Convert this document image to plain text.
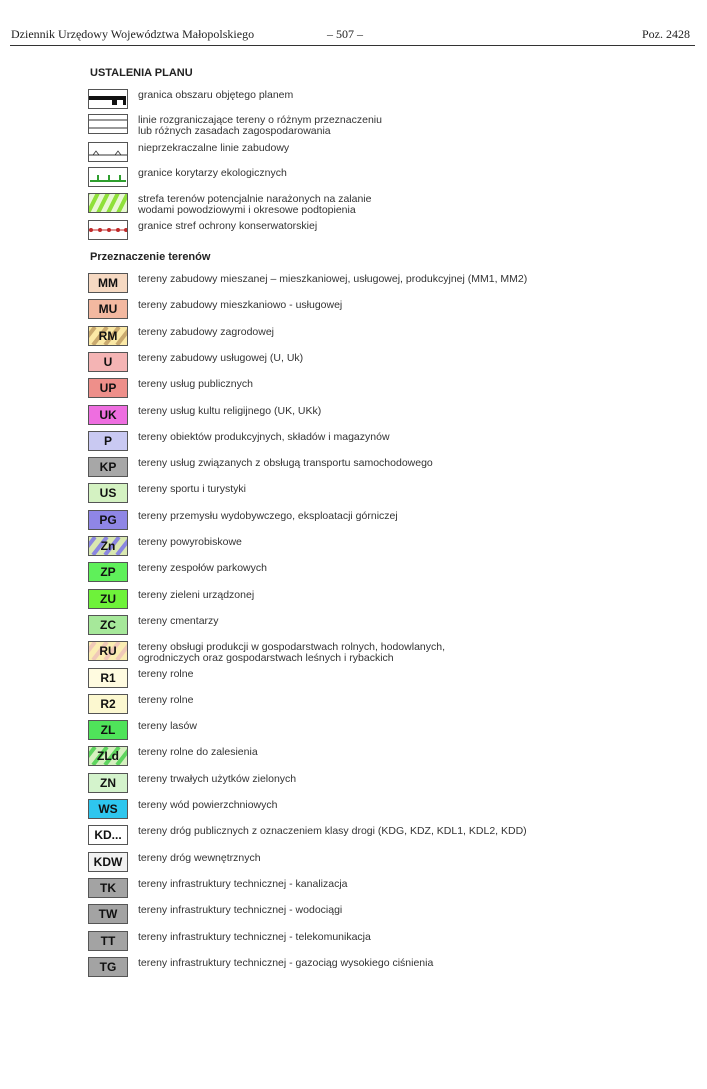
Dziennik Urzędowy Województwa Małopolskiego	– 507 –	Poz. 2428
USTALENIA PLANU
granica obszaru objętego planem
linie rozgraniczające tereny o różnym przeznaczeniu
lub różnych zasadach zagospodarowania
nieprzekraczalne linie zabudowy
granice korytarzy ekologicznych
strefa terenów potencjalnie narażonych na zalanie
wodami powodziowymi i okresowe podtopienia
granice stref ochrony konserwatorskiej
Przeznaczenie terenów
MM	tereny zabudowy mieszanej – mieszkaniowej, usługowej, produkcyjnej (MM1, MM2)
MU	tereny zabudowy mieszkaniowo - usługowej
RM	tereny zabudowy zagrodowej
U	tereny zabudowy usługowej (U, Uk)
UP	tereny usług publicznych
UK	tereny usług kultu religijnego (UK, UKk)
P	tereny obiektów produkcyjnych, składów i magazynów
KP	tereny usług związanych z obsługą transportu samochodowego
US	tereny sportu i turystyki
PG	tereny przemysłu wydobywczego, eksploatacji górniczej
Zn	tereny powyrobiskowe
ZP	tereny zespołów parkowych
ZU	tereny zieleni urządzonej
ZC	tereny cmentarzy
RU	tereny obsługi produkcji w gospodarstwach rolnych, hodowlanych,
ogrodniczych oraz gospodarstwach leśnych i rybackich
R1	tereny rolne
R2	tereny rolne
ZL	tereny lasów
ZLd	tereny rolne do zalesienia
ZN	tereny trwałych użytków zielonych
WS	tereny wód powierzchniowych
KD...	tereny dróg publicznych z oznaczeniem klasy drogi (KDG, KDZ, KDL1, KDL2, KDD)
KDW	tereny dróg wewnętrznych
TK	tereny infrastruktury technicznej - kanalizacja
TW	tereny infrastruktury technicznej - wodociągi
TT	tereny infrastruktury technicznej - telekomunikacja
TG	tereny infrastruktury technicznej - gazociąg wysokiego ciśnienia
